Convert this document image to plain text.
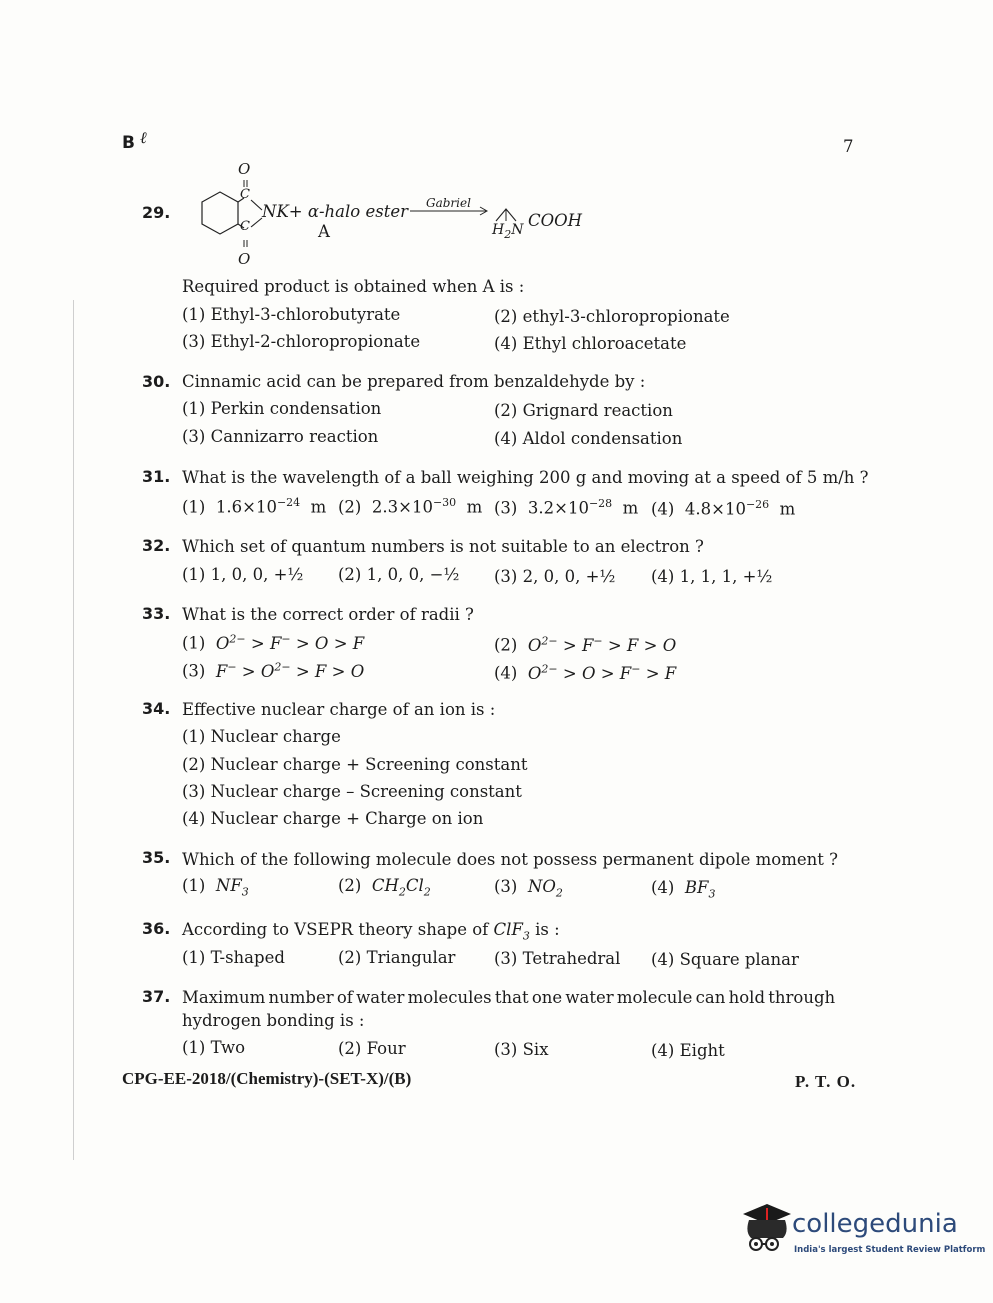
B ℓ	7
29.
O
C
C
O
NK+ α-halo ester
A
Gabriel
$H_2N$ COOH
Required product is obtained when A is :
(1) Ethyl-3-chlorobutyrate	(2) ethyl-3-chloropropionate
(3) Ethyl-2-chloropropionate	(4) Ethyl chloroacetate
30. Cinnamic acid can be prepared from benzaldehyde by :
(1) Perkin condensation	(2) Grignard reaction
(3) Cannizarro reaction	(4) Aldol condensation
31. What is the wavelength of a ball weighing 200 g and moving at a speed of 5 m/h ?
(1) $1.6\times 10^{-24}$ m (2) $2.3\times 10^{-30}$ m (3) $3.2\times 10^{-28}$ m (4) $4.8\times 10^{-26}$ m
32. Which set of quantum numbers is not suitable to an electron ?
(1) 1, 0, 0, +½ (2) 1, 0, 0, −½ (3) 2, 0, 0, +½ (4) 1, 1, 1, +½
33. What is the correct order of radii ?
(1) $O^{2-} > F^- > O > F$	(2) $O^{2-} > F^- > F > O$
(3) $F^- > O^{2-} > F > O$	(4) $O^{2-} > O > F^- > F$
34. Effective nuclear charge of an ion is :
(1) Nuclear charge
(2) Nuclear charge + Screening constant
(3) Nuclear charge – Screening constant
(4) Nuclear charge + Charge on ion
35. Which of the following molecule does not possess permanent dipole moment ?
(1) $NF_3$	(2) $CH_2Cl_2$	(3) $NO_2$	(4) $BF_3$
36. According to VSEPR theory shape of ClF$_3$ is :
(1) T-shaped	(2) Triangular (3) Tetrahedral (4) Square planar
37. Maximum number of water molecules that one water molecule can hold through
hydrogen bonding is :
(1) Two	(2) Four	(3) Six	(4) Eight
CPG-EE-2018/(Chemistry)-(SET-X)/(B)	P. T. O.
collegedunia
India's largest Student Review Platform
